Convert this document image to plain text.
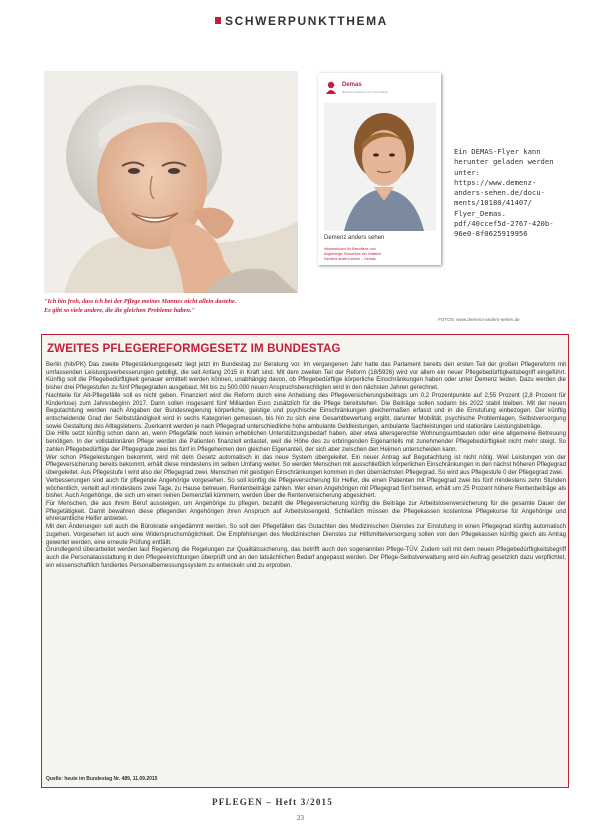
SCHWERPUNKTTHEMA
"Ich bin froh, dass ich bei der Pflege meines Mannes nicht allein dastehe.
Es gibt so viele andere, die die gleichen Probleme haben."
Demas
Bundesministerium für Gesundheit
Demenz anders sehen
Informationen für Betroffene und
Angehörige. Broschüre der Initiative
Demenz anders sehen – Demas
Ein DEMAS-Flyer kann
herunter geladen werden
unter:
https://www.demenz-
anders-sehen.de/docu-
ments/10180/41407/
Flyer_Demas.
pdf/40ccef5d-2767-420b-
96e0-8f0625919956
FOTOS: www.demenz-anders-sehen.de
ZWEITES PFLEGEREFORMGESETZ IM BUNDESTAG

Berlin (hib/PK) Das zweite Pflegestärkungsgesetz liegt jetzt im Bundestag zur Beratung vor. Im vergangenen Jahr hatte das Parlament bereits den ersten Teil der großen Pflegereform mit umfassenden Leistungsverbesserungen gebilligt, die seit Anfang 2015 in Kraft sind. Mit dem zweiten Teil der Reform (18/5926) wird vor allem ein neuer Pflegebedürftigkeitsbegriff eingeführt. Künftig soll die Pflegebedürftigkeit genauer ermittelt werden können, unabhängig davon, ob Pflegebedürftige körperliche Einschränkungen haben oder unter Demenz leiden. Dazu werden die bisher drei Pflegestufen zu fünf Pflegegraden ausgebaut. Mit bis zu 500.000 neuen Anspruchsberechtigten wird in den nächsten Jahren gerechnet.

Nachteile für Alt-Pflegefälle soll es nicht geben. Finanziert wird die Reform durch eine Anhebung des Pflegeversicherungsbeitrags um 0,2 Prozentpunkte auf 2,55 Prozent (2,8 Prozent für Kinderlose) zum Jahresbeginn 2017. Dann sollen insgesamt fünf Milliarden Euro zusätzlich für die Pflege bereitstehen. Die Beiträge sollen sodann bis 2022 stabil bleiben. Mit der neuen Begutachtung werden nach Angaben der Bundesregierung körperliche, geistige und psychische Einschränkungen gleichermaßen erfasst und in die Einstufung einbezogen. Der künftig entscheidende Grad der Selbstständigkeit wird in sechs Kategorien gemessen, bis hin zu sich eine Gesamtbewertung ergibt, darunter Mobilität, psychische Problemlagen, Selbstversorgung sowie Gestaltung des Alltagslebens. Zuerkannt werden je nach Pflegegrad unterschiedliche hohe ambulante Geldleistungen, ambulante Sachleistungen und stationäre Leistungsbeträge.

Die Hilfe setzt künftig schon dann an, wenn Pflegefälle noch keinen erheblichen Unterstützungsbedarf haben, aber etwa altersgerechte Wohnungsumbauten oder eine allgemeine Betreuung benötigen. In der vollstationären Pflege werden die Patienten finanziell entlastet, weil die Höhe des zu erbringenden Eigenanteils mit zunehmender Pflegebedürftigkeit nicht mehr steigt. So zahlen Pflegebedürftige der Pflegegrade zwei bis fünf in Pflegeheimen den gleichen Eigenanteil, der sich aber zwischen den Heimen unterscheiden kann.

Wer schon Pflegeleistungen bekommt, wird mit dem Gesetz automatisch in das neue System übergeleitet. Ein neuer Antrag auf Begutachtung ist nicht nötig. Weil Leistungen von der Pflegeversicherung bereits bekommt, erhält diese mindestens im selben Umfang weiter. So werden Menschen mit ausschließlich körperlichen Einschränkungen in den nächst höheren Pflegegrad übergeleitet. Aus Pflegestufe I wird also der Pflegegrad zwei. Menschen mit geistigen Einschränkungen kommen in den übernächsten Pflegegrad. So wird aus Pflegestufe 0 der Pflegegrad zwei.

Verbesserungen sind auch für pflegende Angehörige vorgesehen. So soll künftig die Pflegeversicherung für Helfer, die einen Patienten mit Pflegegrad zwei bis fünf mindestens zehn Stunden wöchentlich, verteilt auf mindestens zwei Tage, zu Hause betreuen, Rentenbeiträge zahlen. Wer einen Angehörigen mit Pflegegrad fünf betreut, erhält um 25 Prozent höhere Rentenbeiträge als bisher. Auch Angehörige, die sich um einen reinen Demenzfall kümmern, werden über die Rentenversicherung abgesichert.

Für Menschen, die aus ihrem Beruf aussteigen, um Angehörige zu pflegen, bezahlt die Pflegeversicherung künftig die Beiträge zur Arbeitslosenversicherung für die gesamte Dauer der Pflegetätigkeit. Damit bewahren diese pflegenden Angehörigen ihren Anspruch auf Arbeitslosengeld. Schließlich müssen die Pflegekassen kostenlose Pflegekurse für Angehörige und ehrenamtliche Helfer anbieten.

Mit den Änderungen soll auch die Bürokratie eingedämmt werden. So soll den Pflegefällen das Gutachten des Medizinischen Dienstes zur Einstufung in einen Pflegegrad künftig automatisch zugehen. Vorgesehen ist auch eine Widerspruchsmöglichkeit. Die Empfehlungen des Medizinischen Dienstes zur Hilfsmittelversorgung sollen von den Pflegekassen künftig gleich als Antrag gewertet werden, eine erneute Prüfung entfällt.

Grundlegend überarbeitet werden laut Regierung die Regelungen zur Qualitätssicherung, das betrifft auch den sogenannten Pflege-TÜV. Zudem soll mit dem neuen Pflegebedürftigkeitsbegriff auch die Personalausstattung in den Pflegeeinrichtungen überprüft und an den tatsächlichen Bedarf angepasst werden. Der Pflege-Selbstverwaltung wird ein Auftrag gesetzlich dazu verpflichtet, ein wissenschaftlich fundiertes Personalbemessungssystem zu entwickeln und zu erproben.

Quelle: heute im Bundestag Nr. 489, 11.09.2015
PFLEGEN – Heft 3/2015
23
